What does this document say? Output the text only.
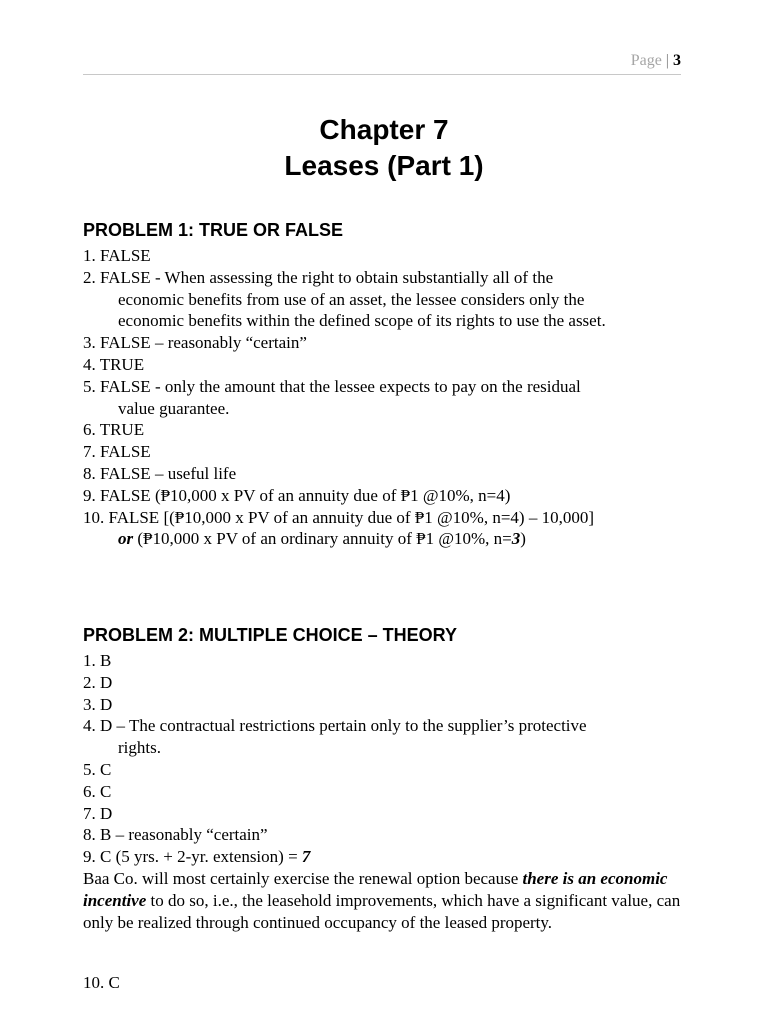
Page | 3
Chapter 7
Leases (Part 1)
PROBLEM 1: TRUE OR FALSE
1. FALSE
2. FALSE - When assessing the right to obtain substantially all of the
economic benefits from use of an asset, the lessee considers only the
economic benefits within the defined scope of its rights to use the asset.
3. FALSE – reasonably “certain”
4. TRUE
5. FALSE - only the amount that the lessee expects to pay on the residual
value guarantee.
6. TRUE
7. FALSE
8. FALSE – useful life
9. FALSE (₱10,000 x PV of an annuity due of ₱1 @10%, n=4)
10. FALSE [(₱10,000 x PV of an annuity due of ₱1 @10%, n=4) – 10,000]
or (₱10,000 x PV of an ordinary annuity of ₱1 @10%, n=3)
PROBLEM 2: MULTIPLE CHOICE – THEORY
1. B
2. D
3. D
4. D – The contractual restrictions pertain only to the supplier’s protective
rights.
5. C
6. C
7. D
8. B – reasonably “certain”
9. C (5 yrs. + 2-yr. extension) = 7

Baa Co. will most certainly exercise the renewal option because there is an economic incentive to do so, i.e., the leasehold improvements, which have a significant value, can only be realized through continued occupancy of the leased property.

10. C
